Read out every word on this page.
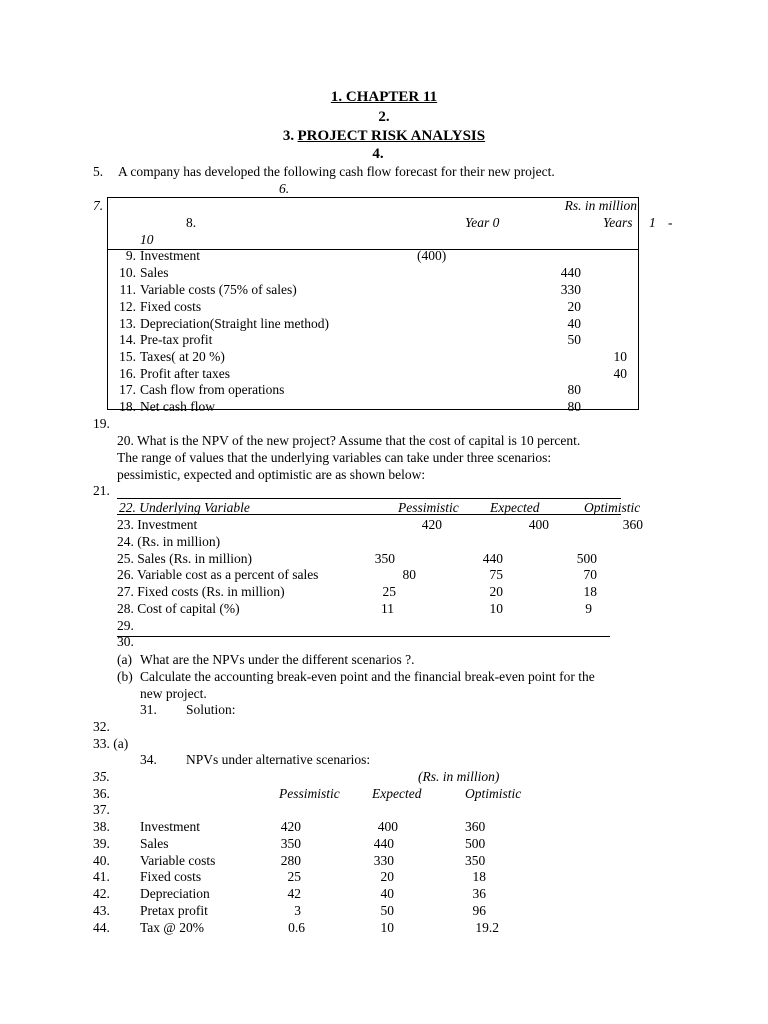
1. CHAPTER 11
2.
3. PROJECT RISK ANALYSIS
4.
5. A company has developed the following cash flow forecast for their new project.
6.
7.	Rs. in million
8.	Year 0	Years 1 -
10
9. Investment	(400)
10. Sales	440
11. Variable costs (75% of sales)	330
12. Fixed costs	20
13. Depreciation(Straight line method)	40
14. Pre-tax profit	50
15. Taxes( at 20 %)	10
16. Profit after taxes	40
17. Cash flow from operations	80
18. Net cash flow	80
19.
20. What is the NPV of the new project? Assume that the cost of capital is 10 percent.
The range of values that the underlying variables can take under three scenarios:
pessimistic, expected and optimistic are as shown below:
21.
22. Underlying Variable	Pessimistic Expected	Optimistic
23. Investment	420	400	360
24. (Rs. in million)
25. Sales (Rs. in million)	350	440	500
26. Variable cost as a percent of sales	80	75	70
27. Fixed costs (Rs. in million)	25	20	18
28. Cost of capital (%)	11	10	9
29.
30.
(a) What are the NPVs under the different scenarios ?.
(b) Calculate the accounting break-even point and the financial break-even point for the
new project.
31. Solution:
32.
33. (a)
34. NPVs under alternative scenarios:
35.	(Rs. in million)
36.	Pessimistic Expected	Optimistic
37.
38. Investment	420	400	360
39. Sales	350	440	500
40. Variable costs	280	330	350
41. Fixed costs	25	20	18
42. Depreciation	42	40	36
43. Pretax profit	3	50	96
44. Tax @ 20%	0.6	10	19.2
